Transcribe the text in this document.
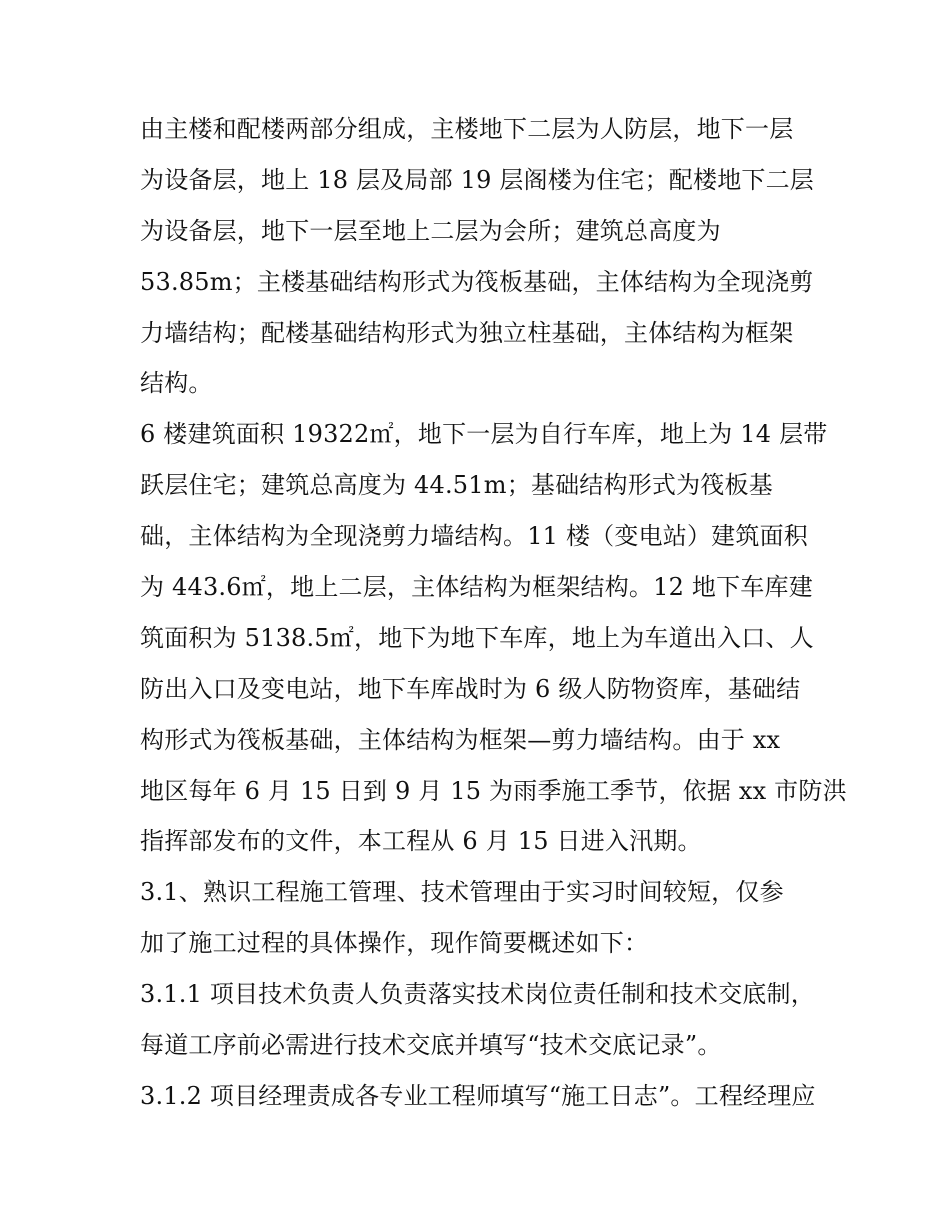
由主楼和配楼两部分组成，主楼地下二层为人防层，地下一层
为设备层，地上 18 层及局部 19 层阁楼为住宅；配楼地下二层
为设备层，地下一层至地上二层为会所；建筑总高度为
53.85m；主楼基础结构形式为筏板基础，主体结构为全现浇剪
力墙结构；配楼基础结构形式为独立柱基础，主体结构为框架
结构。
6 楼建筑面积 19322㎡，地下一层为自行车库，地上为 14 层带
跃层住宅；建筑总高度为 44.51m；基础结构形式为筏板基
础，主体结构为全现浇剪力墙结构。11 楼（变电站）建筑面积
为 443.6㎡，地上二层，主体结构为框架结构。12 地下车库建
筑面积为 5138.5㎡，地下为地下车库，地上为车道出入口、人
防出入口及变电站，地下车库战时为 6 级人防物资库，基础结
构形式为筏板基础，主体结构为框架—剪力墙结构。由于 xx
地区每年 6 月 15 日到 9 月 15 为雨季施工季节，依据 xx 市防洪
指挥部发布的文件，本工程从 6 月 15 日进入汛期。
3.1、熟识工程施工管理、技术管理由于实习时间较短，仅参
加了施工过程的具体操作，现作简要概述如下：
3.1.1 项目技术负责人负责落实技术岗位责任制和技术交底制，
每道工序前必需进行技术交底并填写“技术交底记录”。
3.1.2 项目经理责成各专业工程师填写“施工日志”。工程经理应
